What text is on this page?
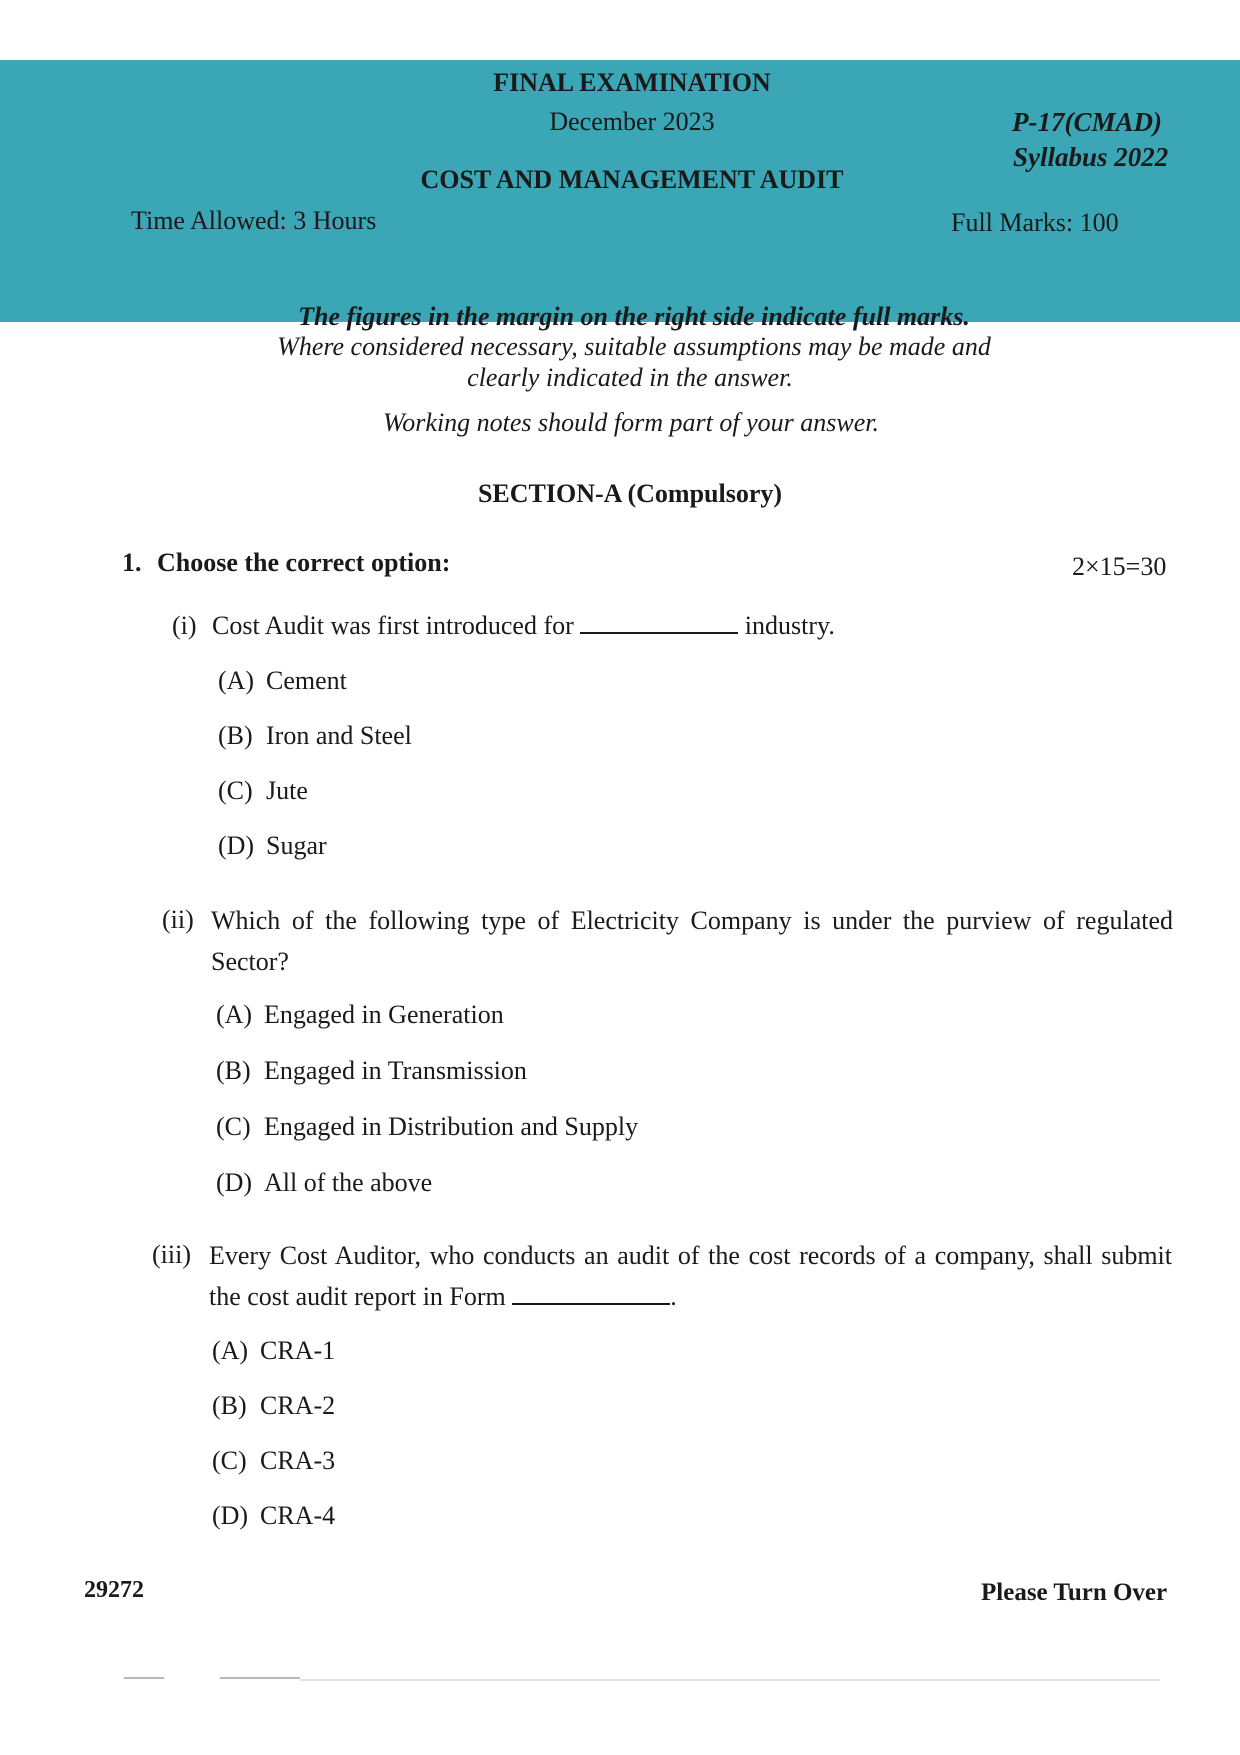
FINAL EXAMINATION
December 2023	P-17(CMAD)
Syllabus 2022
COST AND MANAGEMENT AUDIT
Time Allowed: 3 Hours	Full Marks: 100
The figures in the margin on the right side indicate full marks.
Where considered necessary, suitable assumptions may be made and
clearly indicated in the answer.
Working notes should form part of your answer.
SECTION-A (Compulsory)
1. Choose the correct option:	2×15=30
(i) Cost Audit was first introduced for	industry.
(A) Cement
(B) Iron and Steel
(C) Jute
(D) Sugar
(ii) Which of the following type of Electricity Company is under the purview of regulated Sector?
(A) Engaged in Generation
(B) Engaged in Transmission
(C) Engaged in Distribution and Supply
(D) All of the above
(iii) Every Cost Auditor, who conducts an audit of the cost records of a company, shall submit the cost audit report in Form	.
(A) CRA-1
(B) CRA-2
(C) CRA-3
(D) CRA-4
29272	Please Turn Over
